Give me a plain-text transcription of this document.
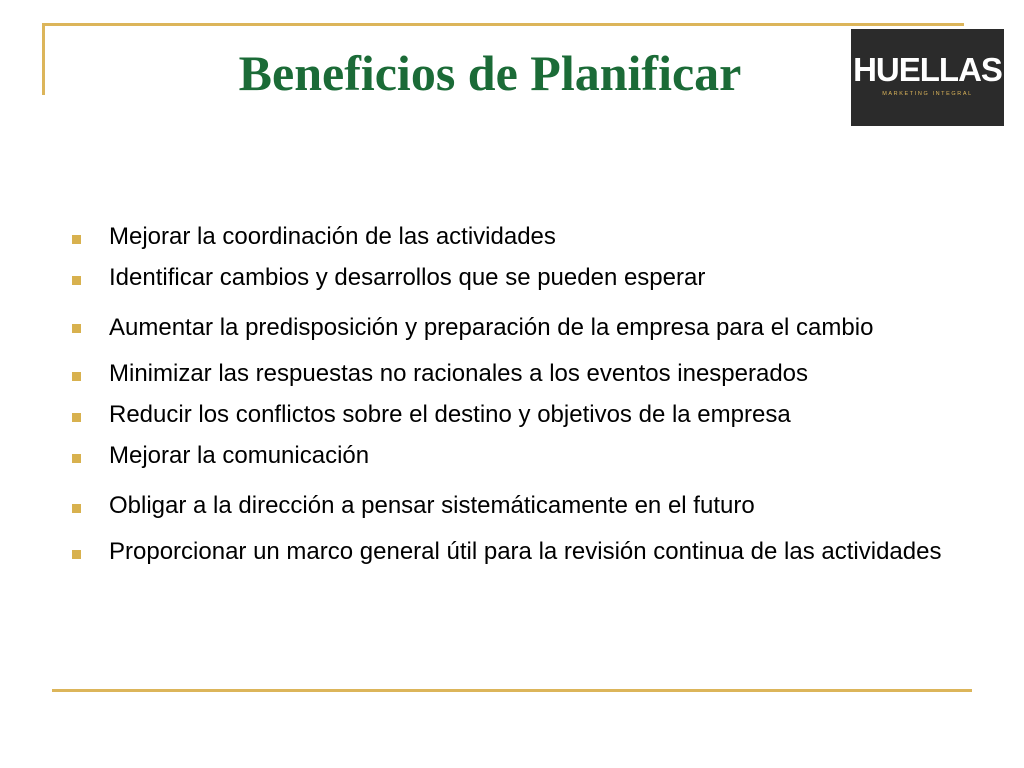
Beneficios de Planificar	HUELLAS
MARKETING INTEGRAL
Mejorar la coordinación de las actividades
Identificar cambios y desarrollos que se pueden esperar
Aumentar la predisposición y preparación de la empresa para el cambio
Minimizar las respuestas no racionales a los eventos inesperados
Reducir los conflictos sobre el destino y objetivos de la empresa
Mejorar la comunicación
Obligar a la dirección a pensar sistemáticamente en el futuro
Proporcionar un marco general útil para la revisión continua de las actividades
